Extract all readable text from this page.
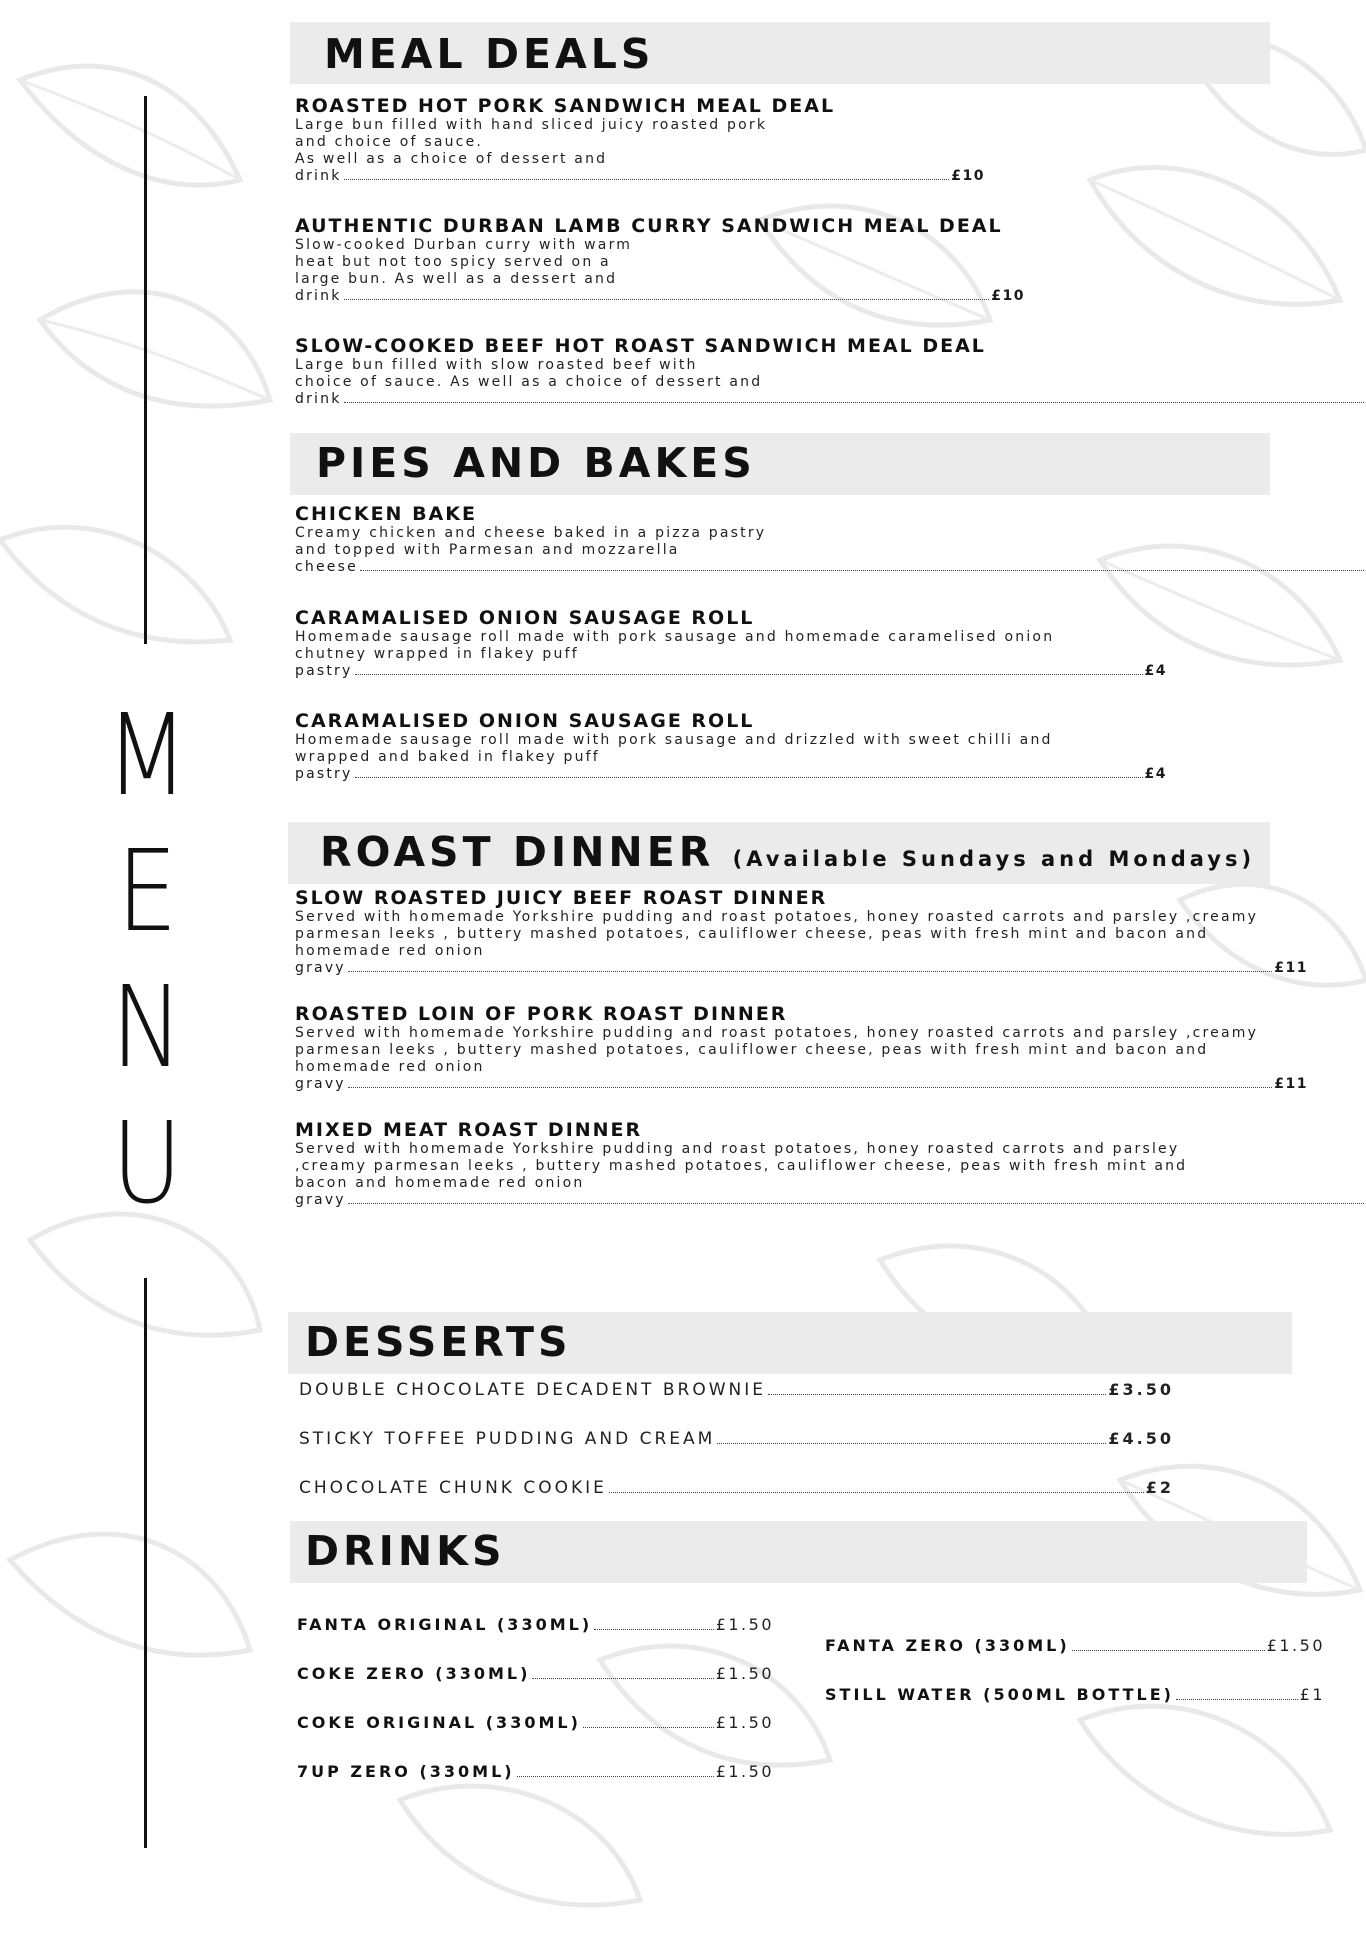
M
E
N
U
MEAL DEALS
ROASTED HOT PORK SANDWICH MEAL DEAL
Large bun filled with hand sliced juicy roasted pork
and choice of sauce.
As well as a choice of dessert and
drink	£10
AUTHENTIC DURBAN LAMB CURRY SANDWICH MEAL DEAL
Slow-cooked Durban curry with warm
heat but not too spicy served on a
large bun. As well as a dessert and
drink	£10
SLOW-COOKED BEEF HOT ROAST SANDWICH MEAL DEAL
Large bun filled with slow roasted beef with
choice of sauce. As well as a choice of dessert and
drink
PIES AND BAKES
CHICKEN BAKE
Creamy chicken and cheese baked in a pizza pastry
and topped with Parmesan and mozzarella
cheese
CARAMALISED ONION SAUSAGE ROLL
Homemade sausage roll made with pork sausage and homemade caramelised onion
chutney wrapped in flakey puff
pastry	£4
CARAMALISED ONION SAUSAGE ROLL
Homemade sausage roll made with pork sausage and drizzled with sweet chilli and
wrapped and baked in flakey puff
pastry	£4
ROAST DINNER (Available Sundays and Mondays)
SLOW ROASTED JUICY BEEF ROAST DINNER
Served with homemade Yorkshire pudding and roast potatoes, honey roasted carrots and parsley ,creamy
parmesan leeks , buttery mashed potatoes, cauliflower cheese, peas with fresh mint and bacon and
homemade red onion
gravy	£11
ROASTED LOIN OF PORK ROAST DINNER
Served with homemade Yorkshire pudding and roast potatoes, honey roasted carrots and parsley ,creamy
parmesan leeks , buttery mashed potatoes, cauliflower cheese, peas with fresh mint and bacon and
homemade red onion
gravy	£11
MIXED MEAT ROAST DINNER
Served with homemade Yorkshire pudding and roast potatoes, honey roasted carrots and parsley
,creamy parmesan leeks , buttery mashed potatoes, cauliflower cheese, peas with fresh mint and
bacon and homemade red onion
gravy
DESSERTS
DOUBLE CHOCOLATE DECADENT BROWNIE	£3.50
STICKY TOFFEE PUDDING AND CREAM	£4.50
CHOCOLATE CHUNK COOKIE	£2
DRINKS
FANTA ORIGINAL (330ML)	£1.50
COKE ZERO (330ML)	£1.50
COKE ORIGINAL (330ML)	£1.50
7UP ZERO (330ML)	£1.50
FANTA ZERO (330ML)	£1.50
STILL WATER (500ML BOTTLE)	£1
